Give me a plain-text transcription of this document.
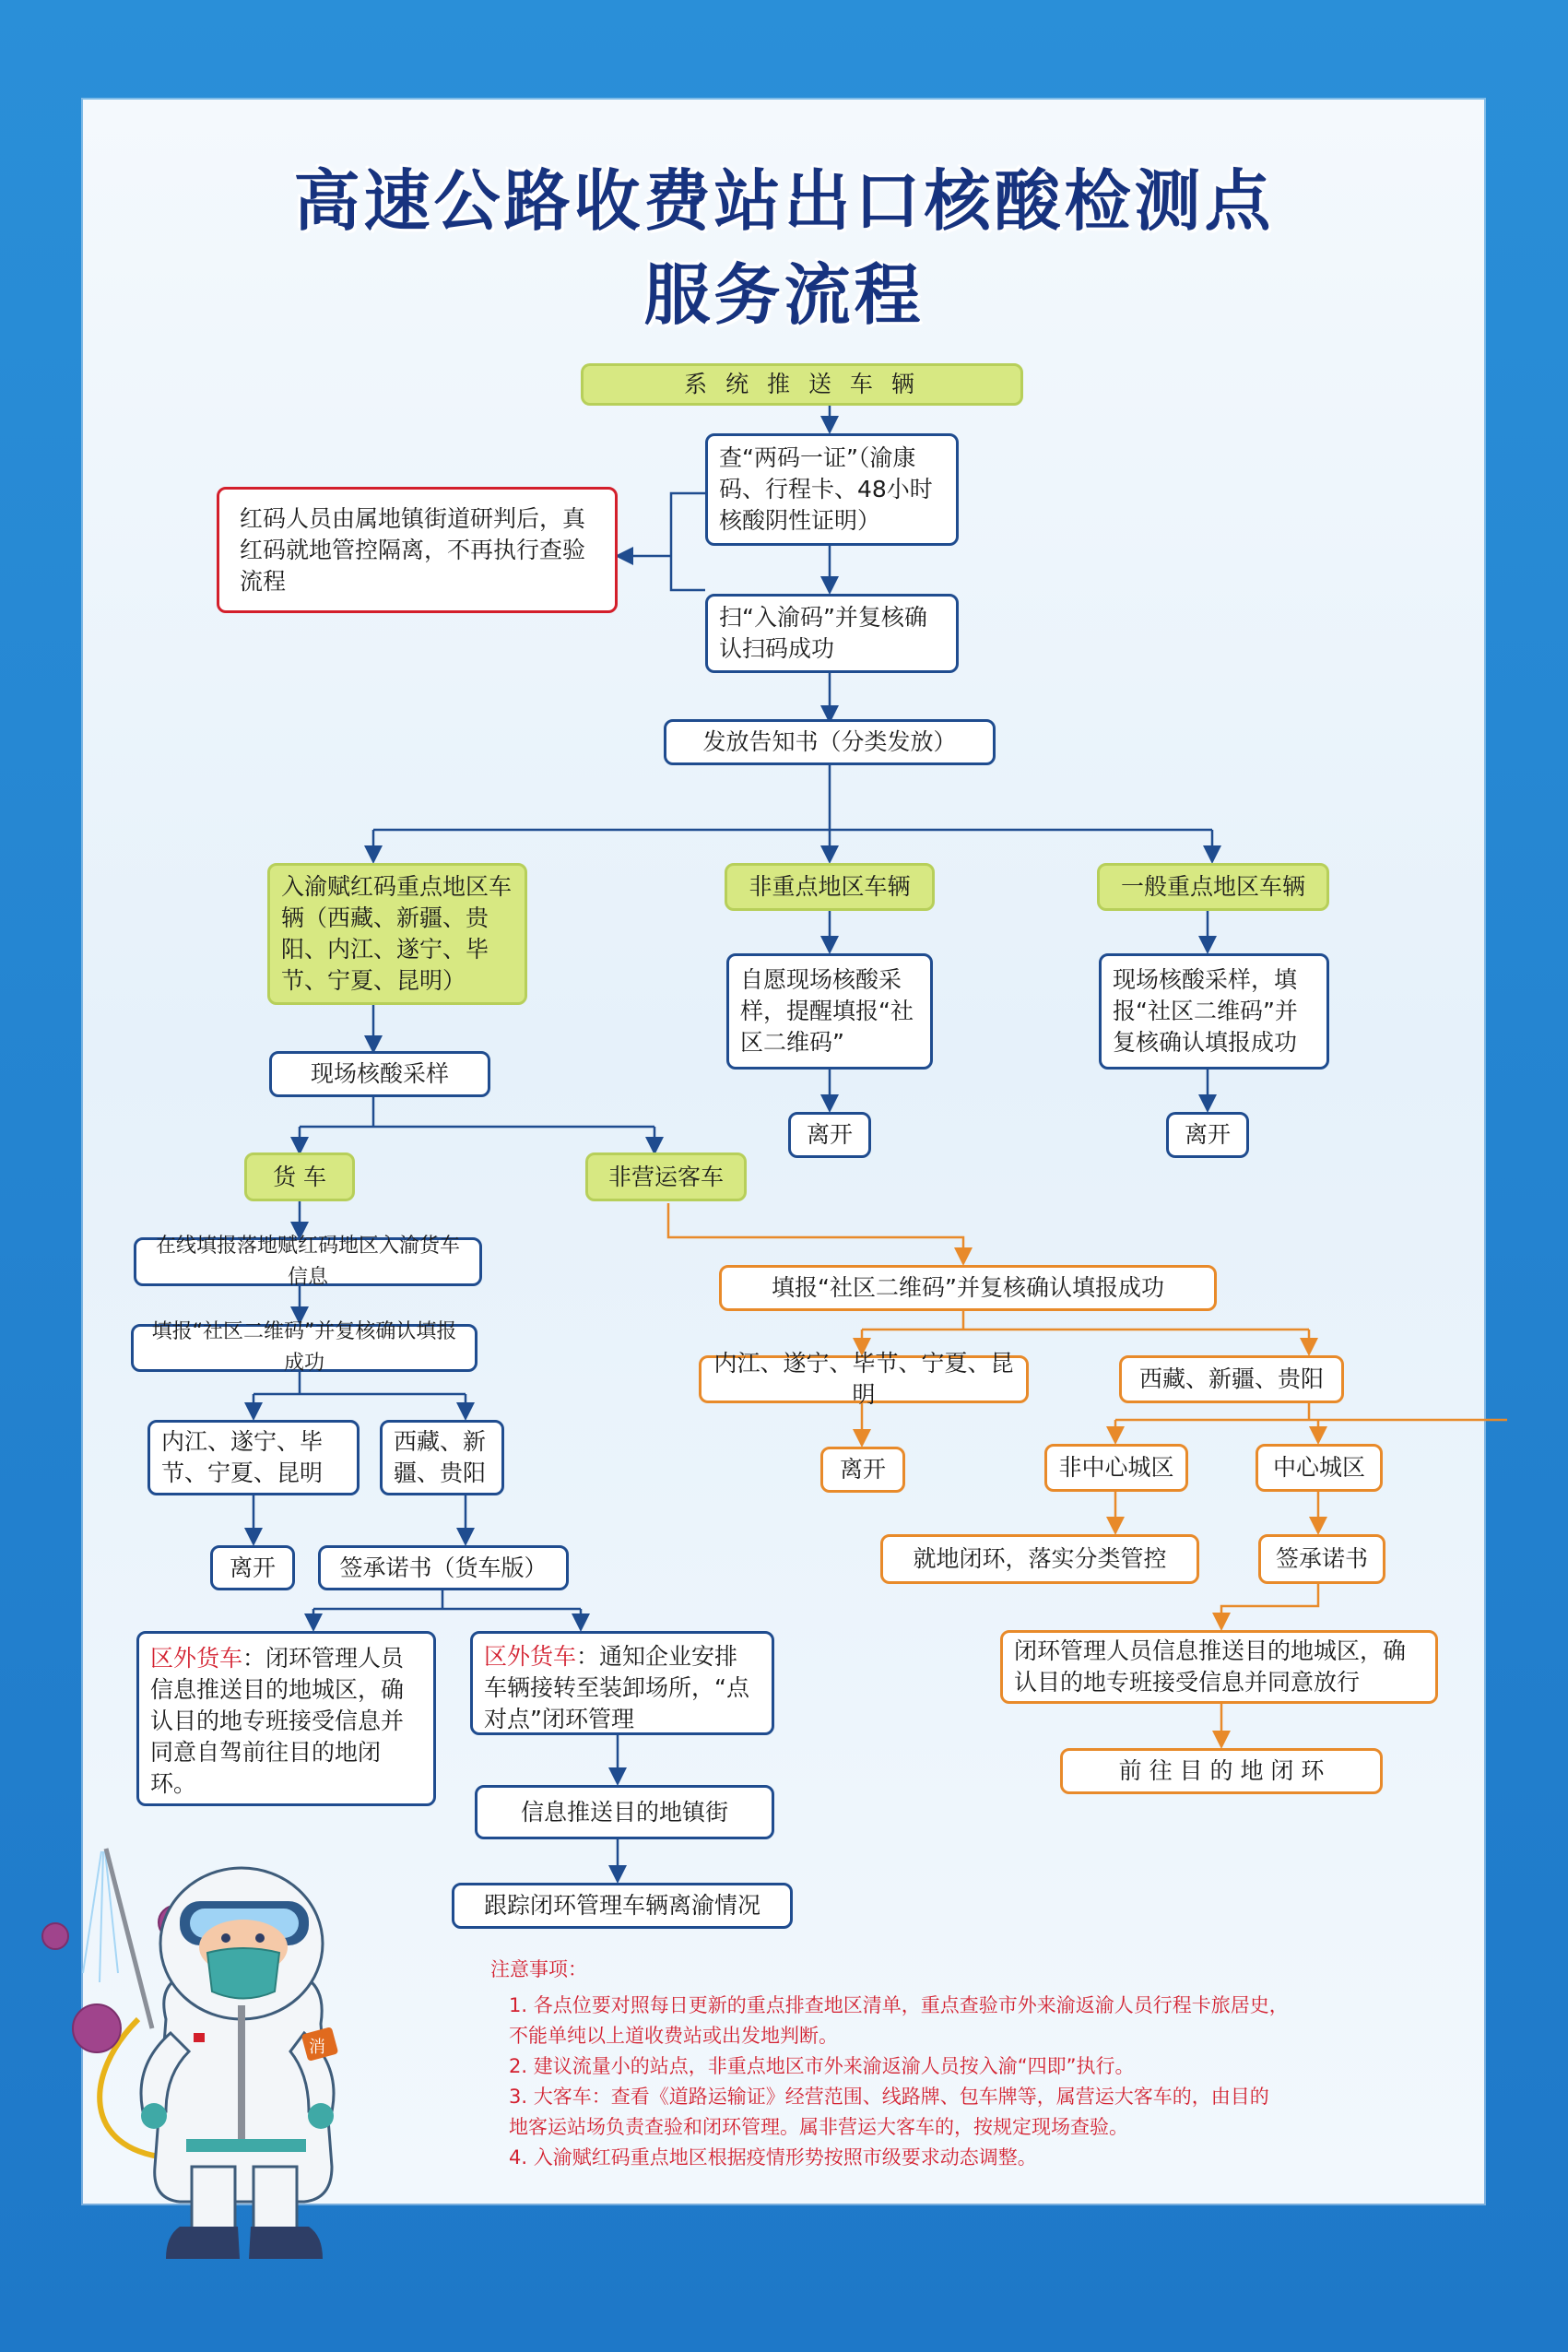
高速公路收费站出口核酸检测点
服务流程
系 统 推 送 车 辆
查“两码一证”（渝康码、行程卡、48小时核酸阴性证明）
红码人员由属地镇街道研判后，真红码就地管控隔离，不再执行查验流程
扫“入渝码”并复核确认扫码成功
发放告知书（分类发放）
入渝赋红码重点地区车辆（西藏、新疆、贵阳、内江、遂宁、毕节、宁夏、昆明）
非重点地区车辆	一般重点地区车辆
自愿现场核酸采样，提醒填报“社区二维码”
现场核酸采样，填报“社区二维码”并复核确认填报成功
离开	离开
现场核酸采样
货 车	非营运客车
在线填报落地赋红码地区入渝货车信息
填报“社区二维码”并复核确认填报成功
内江、遂宁、毕节、宁夏、昆明
西藏、新疆、贵阳
离开	签承诺书（货车版）
区外货车：闭环管理人员信息推送目的地城区，确认目的地专班接受信息并同意自驾前往目的地闭环。
区外货车：通知企业安排车辆接转至装卸场所，“点对点”闭环管理
信息推送目的地镇街
跟踪闭环管理车辆离渝情况
填报“社区二维码”并复核确认填报成功
内江、遂宁、毕节、宁夏、昆明
西藏、新疆、贵阳
离开	非中心城区	中心城区
就地闭环，落实分类管控	签承诺书
闭环管理人员信息推送目的地城区，确认目的地专班接受信息并同意放行
前 往 目 的 地 闭 环
注意事项：
1. 各点位要对照每日更新的重点排查地区清单，重点查验市外来渝返渝人员行程卡旅居史，
不能单纯以上道收费站或出发地判断。
2. 建议流量小的站点，非重点地区市外来渝返渝人员按入渝“四即”执行。
3. 大客车：查看《道路运输证》经营范围、线路牌、包车牌等，属营运大客车的，由目的
地客运站场负责查验和闭环管理。属非营运大客车的，按规定现场查验。
4. 入渝赋红码重点地区根据疫情形势按照市级要求动态调整。
消
